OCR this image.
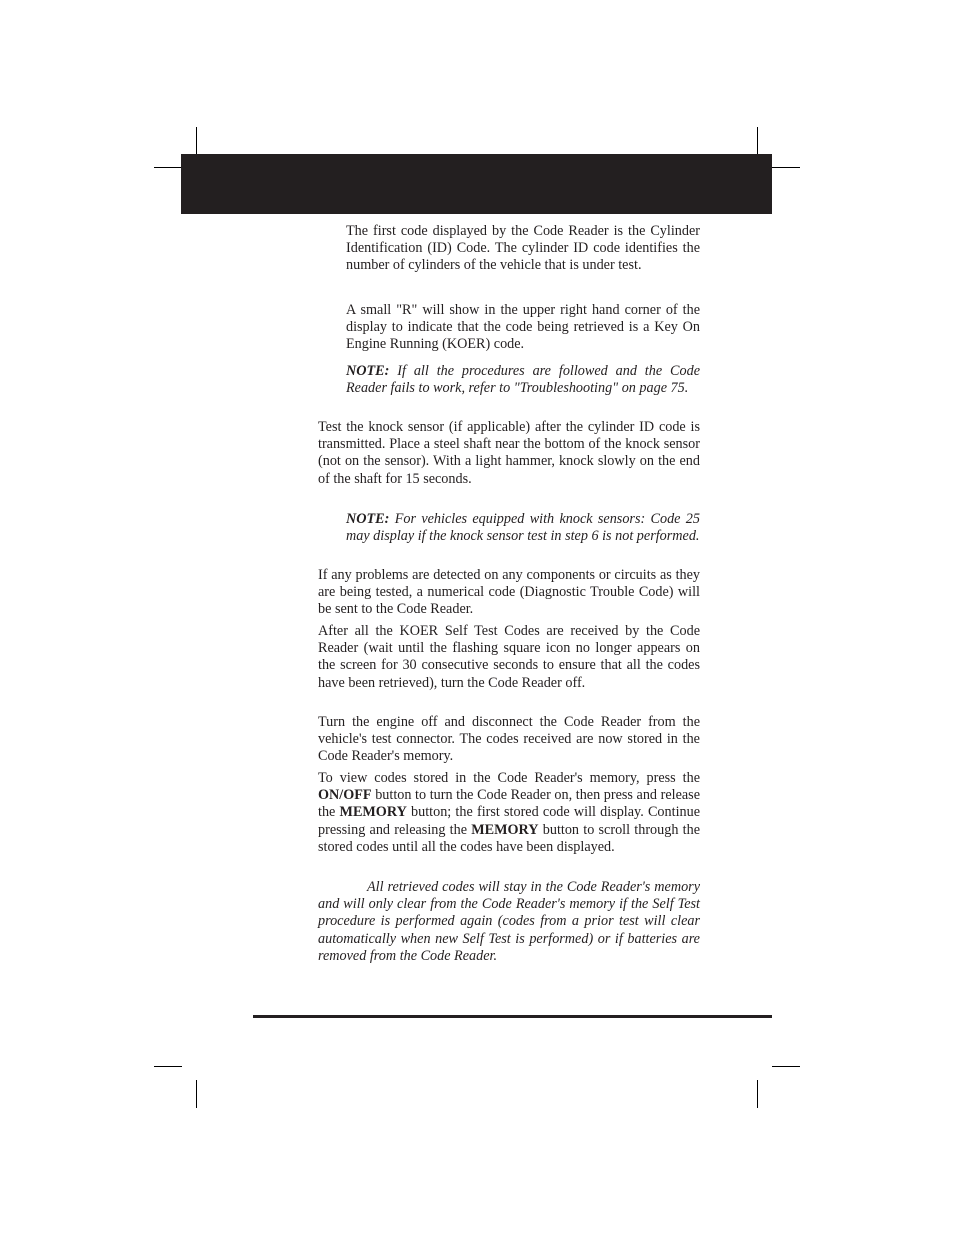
The first code displayed by the Code Reader is the Cylinder Identification (ID) Code. The cylinder ID code identifies the number of cylinders of the vehicle that is under test.

A small "R" will show in the upper right hand corner of the display to indicate that the code being retrieved is a Key On Engine Running (KOER) code.

NOTE: If all the procedures are followed and the Code Reader fails to work, refer to "Troubleshooting" on page 75.

Test the knock sensor (if applicable) after the cylinder ID code is transmitted. Place a steel shaft near the bottom of the knock sensor (not on the sensor). With a light hammer, knock slowly on the end of the shaft for 15 seconds.

NOTE: For vehicles equipped with knock sensors: Code 25 may display if the knock sensor test in step 6 is not performed.

If any problems are detected on any components or circuits as they are being tested, a numerical code (Diagnostic Trouble Code) will be sent to the Code Reader.

After all the KOER Self Test Codes are received by the Code Reader (wait until the flashing square icon no longer appears on the screen for 30 consecutive seconds to ensure that all the codes have been retrieved), turn the Code Reader off.

Turn the engine off and disconnect the Code Reader from the vehicle's test connector. The codes received are now stored in the Code Reader's memory.

To view codes stored in the Code Reader's memory, press the ON/OFF button to turn the Code Reader on, then press and release the MEMORY button; the first stored code will display. Continue pressing and releasing the MEMORY button to scroll through the stored codes until all the codes have been displayed.

All retrieved codes will stay in the Code Reader's memory and will only clear from the Code Reader's memory if the Self Test procedure is performed again (codes from a prior test will clear automatically when new Self Test is performed) or if batteries are removed from the Code Reader.
